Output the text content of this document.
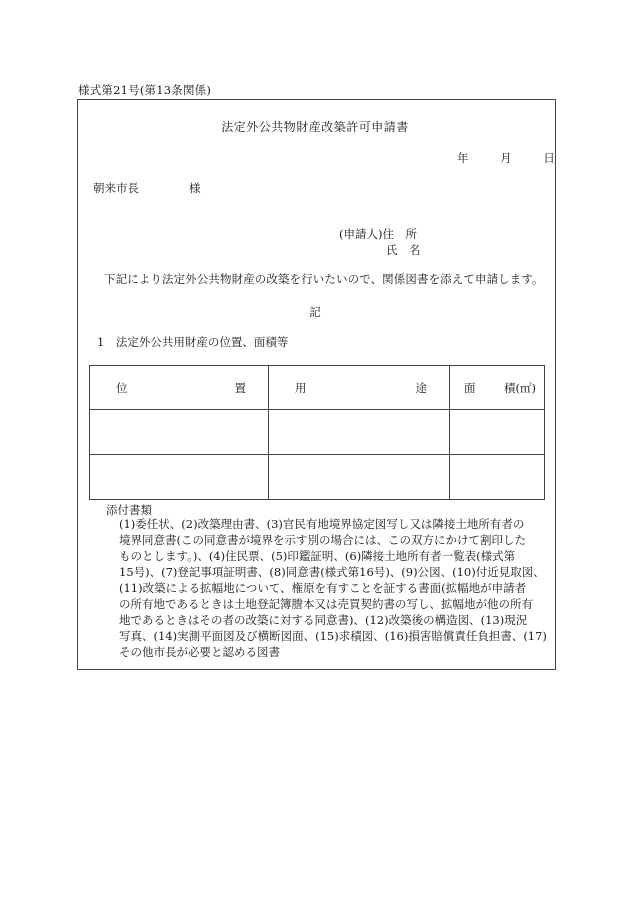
様式第21号(第13条関係)
法定外公共物財産改築許可申請書
年	月	日
朝来市長	様
(申請人)住　所
氏　名
下記により法定外公共物財産の改築を行いたいので、関係図書を添えて申請します。
記
1　法定外公共用財産の位置、面積等
位 置	用 途	面 積(㎡)

添付書類
(1)委任状、(2)改築理由書、(3)官民有地境界協定図写し又は隣接土地所有者の
境界同意書(この同意書が境界を示す別の場合には、この双方にかけて割印した
ものとします。)、(4)住民票、(5)印鑑証明、(6)隣接土地所有者一覧表(様式第
15号)、(7)登記事項証明書、(8)同意書(様式第16号)、(9)公図、(10)付近見取図、
(11)改築による拡幅地について、権原を有すことを証する書面(拡幅地が申請者
の所有地であるときは土地登記簿謄本又は売買契約書の写し、拡幅地が他の所有
地であるときはその者の改築に対する同意書)、(12)改築後の構造図、(13)現況
写真、(14)実測平面図及び横断図面、(15)求積図、(16)損害賠償責任負担書、(17)
その他市長が必要と認める図書
